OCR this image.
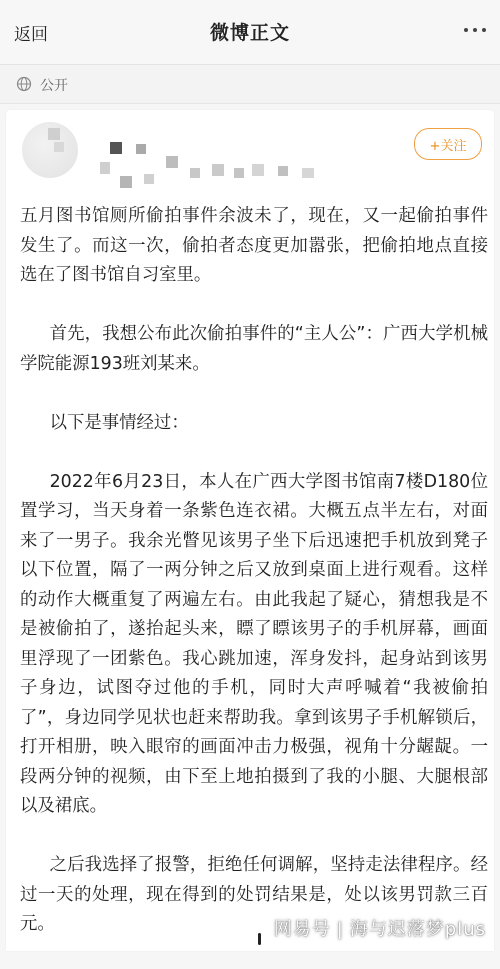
返回	微博正文
公开
+关注

五月图书馆厕所偷拍事件余波未了，现在，又一起偷拍事件发生了。而这一次，偷拍者态度更加嚣张，把偷拍地点直接选在了图书馆自习室里。

首先，我想公布此次偷拍事件的“主人公”：广西大学机械学院能源193班刘某来。

以下是事情经过：

2022年6月23日，本人在广西大学图书馆南7楼D180位置学习，当天身着一条紫色连衣裙。大概五点半左右，对面来了一男子。我余光瞥见该男子坐下后迅速把手机放到凳子以下位置，隔了一两分钟之后又放到桌面上进行观看。这样的动作大概重复了两遍左右。由此我起了疑心，猜想我是不是被偷拍了，遂抬起头来，瞟了瞟该男子的手机屏幕，画面里浮现了一团紫色。我心跳加速，浑身发抖，起身站到该男子身边，试图夺过他的手机，同时大声呼喊着“我被偷拍了”，身边同学见状也赶来帮助我。拿到该男子手机解锁后，打开相册，映入眼帘的画面冲击力极强，视角十分龌龊。一段两分钟的视频，由下至上地拍摄到了我的小腿、大腿根部以及裙底。

之后我选择了报警，拒绝任何调解，坚持走法律程序。经过一天的处理，现在得到的处罚结果是，处以该男罚款三百元。	网易号 | 海与迟落梦plus
